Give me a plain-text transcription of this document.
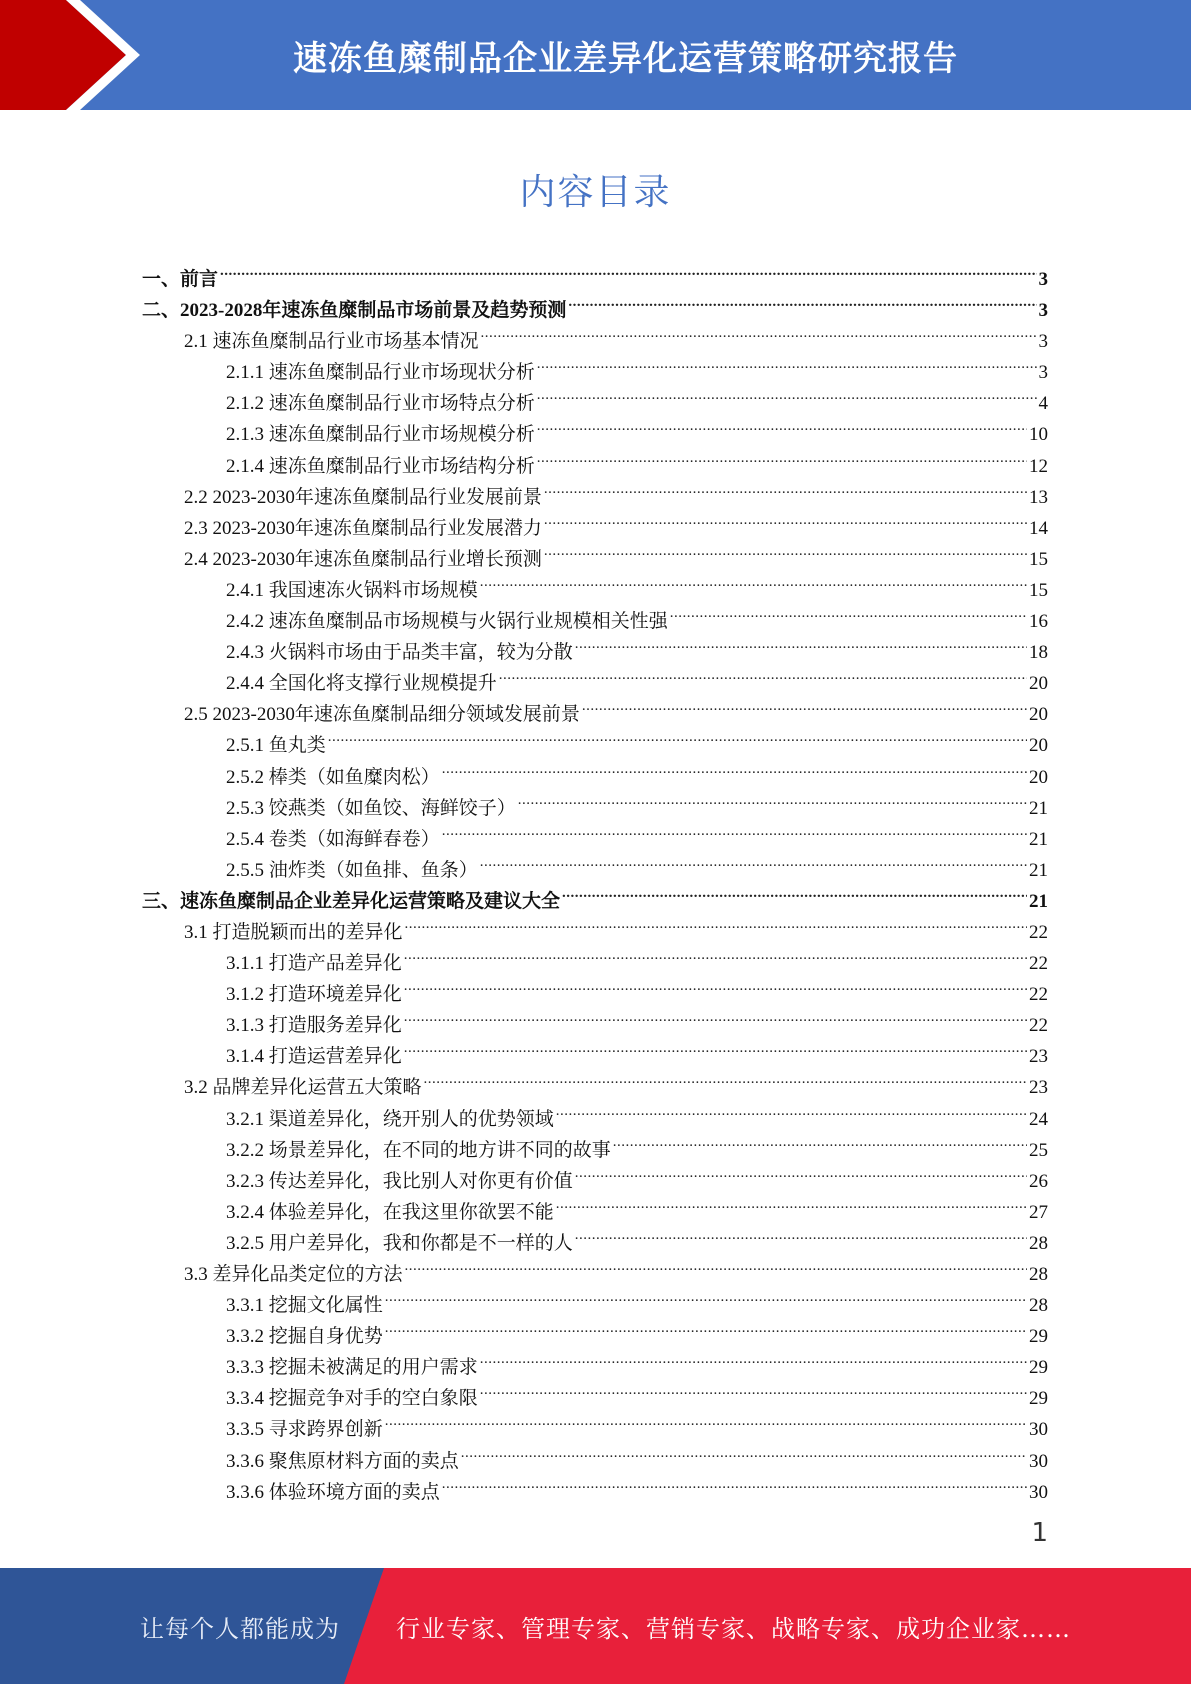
速冻鱼糜制品企业差异化运营策略研究报告
内容目录
一、前言 .....	3
二、2023-2028年速冻鱼糜制品市场前景及趋势预测 .....	3
2.1 速冻鱼糜制品行业市场基本情况 .....	3
2.1.1 速冻鱼糜制品行业市场现状分析 .....	3
2.1.2 速冻鱼糜制品行业市场特点分析 .....	4
2.1.3 速冻鱼糜制品行业市场规模分析 .....	10
2.1.4 速冻鱼糜制品行业市场结构分析 .....	12
2.2 2023-2030年速冻鱼糜制品行业发展前景 .....	13
2.3 2023-2030年速冻鱼糜制品行业发展潜力 .....	14
2.4 2023-2030年速冻鱼糜制品行业增长预测 .....	15
2.4.1 我国速冻火锅料市场规模 .....	15
2.4.2 速冻鱼糜制品市场规模与火锅行业规模相关性强 .....	16
2.4.3 火锅料市场由于品类丰富，较为分散 .....	18
2.4.4 全国化将支撑行业规模提升 .....	20
2.5 2023-2030年速冻鱼糜制品细分领域发展前景 .....	20
2.5.1 鱼丸类 .....	20
2.5.2 棒类（如鱼糜肉松） .....	20
2.5.3 饺燕类（如鱼饺、海鲜饺子） .....	21
2.5.4 卷类（如海鲜春卷） .....	21
2.5.5 油炸类（如鱼排、鱼条） .....	21
三、速冻鱼糜制品企业差异化运营策略及建议大全 .....	21
3.1 打造脱颖而出的差异化 .....	22
3.1.1 打造产品差异化 .....	22
3.1.2 打造环境差异化 .....	22
3.1.3 打造服务差异化 .....	22
3.1.4 打造运营差异化 .....	23
3.2 品牌差异化运营五大策略 .....	23
3.2.1 渠道差异化，绕开别人的优势领域 .....	24
3.2.2 场景差异化，在不同的地方讲不同的故事 .....	25
3.2.3 传达差异化，我比别人对你更有价值 .....	26
3.2.4 体验差异化，在我这里你欲罢不能 .....	27
3.2.5 用户差异化，我和你都是不一样的人 .....	28
3.3 差异化品类定位的方法 .....	28
3.3.1 挖掘文化属性 .....	28
3.3.2 挖掘自身优势 .....	29
3.3.3 挖掘未被满足的用户需求 .....	29
3.3.4 挖掘竞争对手的空白象限 .....	29
3.3.5 寻求跨界创新 .....	30
3.3.6 聚焦原材料方面的卖点 .....	30
3.3.6 体验环境方面的卖点 .....	30
1
让每个人都能成为 行业专家、管理专家、营销专家、战略专家、成功企业家……
